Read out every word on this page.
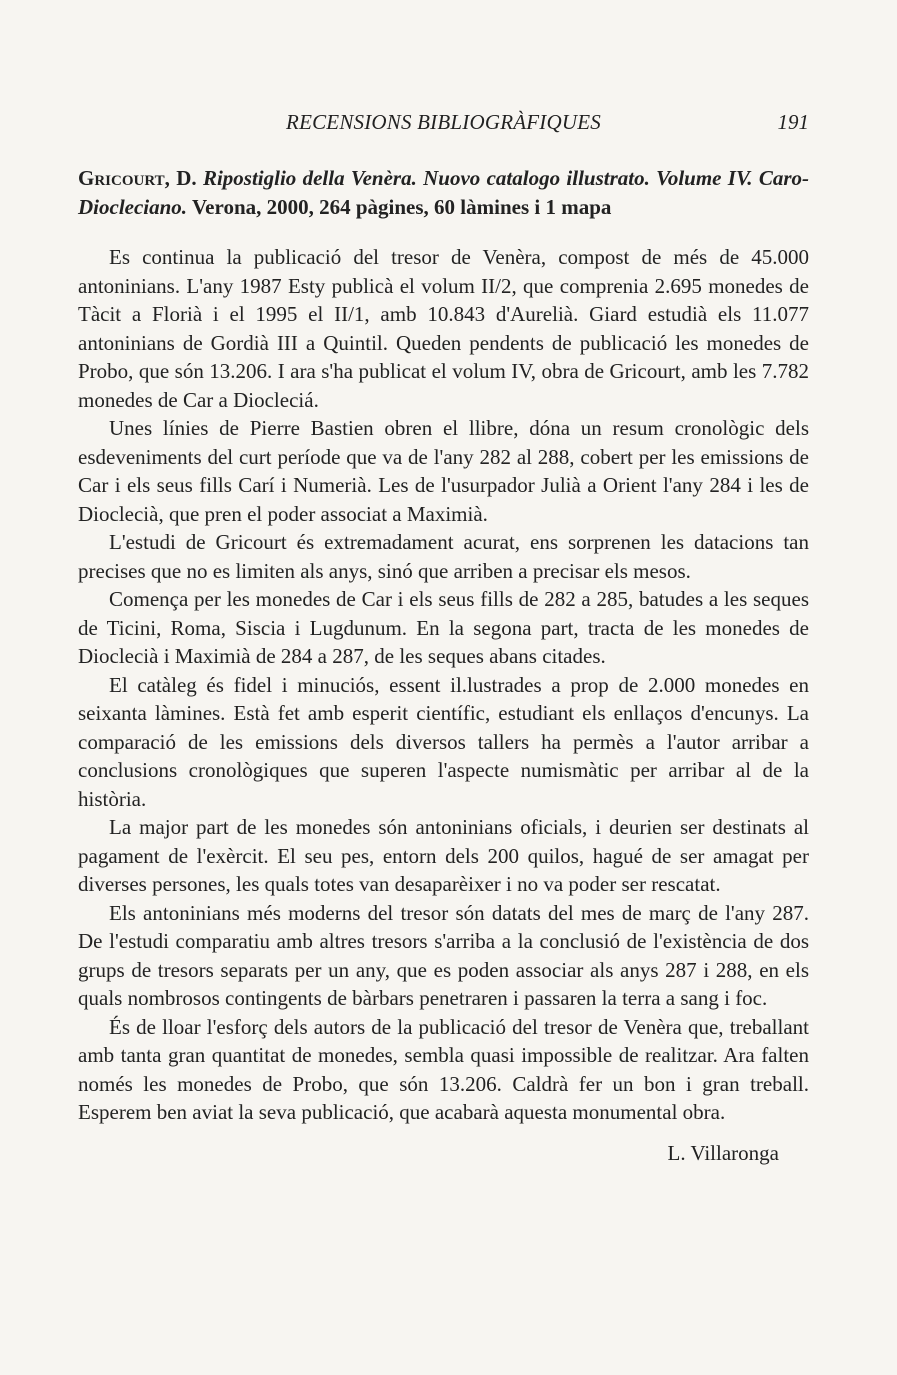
RECENSIONS BIBLIOGRÀFIQUES	191

Gricourt, D. Ripostiglio della Venèra. Nuovo catalogo illustrato. Volume IV. Caro-Diocleciano. Verona, 2000, 264 pàgines, 60 làmines i 1 mapa

Es continua la publicació del tresor de Venèra, compost de més de 45.000 antoninians. L'any 1987 Esty publicà el volum II/2, que comprenia 2.695 monedes de Tàcit a Florià i el 1995 el II/1, amb 10.843 d'Aurelià. Giard estudià els 11.077 antoninians de Gordià III a Quintil. Queden pendents de publicació les monedes de Probo, que són 13.206. I ara s'ha publicat el volum IV, obra de Gricourt, amb les 7.782 monedes de Car a Diocleciá.

Unes línies de Pierre Bastien obren el llibre, dóna un resum cronològic dels esdeveniments del curt període que va de l'any 282 al 288, cobert per les emissions de Car i els seus fills Carí i Numerià. Les de l'usurpador Julià a Orient l'any 284 i les de Dioclecià, que pren el poder associat a Maximià.

L'estudi de Gricourt és extremadament acurat, ens sorprenen les datacions tan precises que no es limiten als anys, sinó que arriben a precisar els mesos.

Comença per les monedes de Car i els seus fills de 282 a 285, batudes a les seques de Ticini, Roma, Siscia i Lugdunum. En la segona part, tracta de les monedes de Dioclecià i Maximià de 284 a 287, de les seques abans citades.

El catàleg és fidel i minuciós, essent il.lustrades a prop de 2.000 monedes en seixanta làmines. Està fet amb esperit científic, estudiant els enllaços d'encunys. La comparació de les emissions dels diversos tallers ha permès a l'autor arribar a conclusions cronològiques que superen l'aspecte numismàtic per arribar al de la història.

La major part de les monedes són antoninians oficials, i deurien ser destinats al pagament de l'exèrcit. El seu pes, entorn dels 200 quilos, hagué de ser amagat per diverses persones, les quals totes van desaparèixer i no va poder ser rescatat.

Els antoninians més moderns del tresor són datats del mes de març de l'any 287. De l'estudi comparatiu amb altres tresors s'arriba a la conclusió de l'existència de dos grups de tresors separats per un any, que es poden associar als anys 287 i 288, en els quals nombrosos contingents de bàrbars penetraren i passaren la terra a sang i foc.

És de lloar l'esforç dels autors de la publicació del tresor de Venèra que, treballant amb tanta gran quantitat de monedes, sembla quasi impossible de realitzar. Ara falten només les monedes de Probo, que són 13.206. Caldrà fer un bon i gran treball. Esperem ben aviat la seva publicació, que acabarà aquesta monumental obra.

L. Villaronga
